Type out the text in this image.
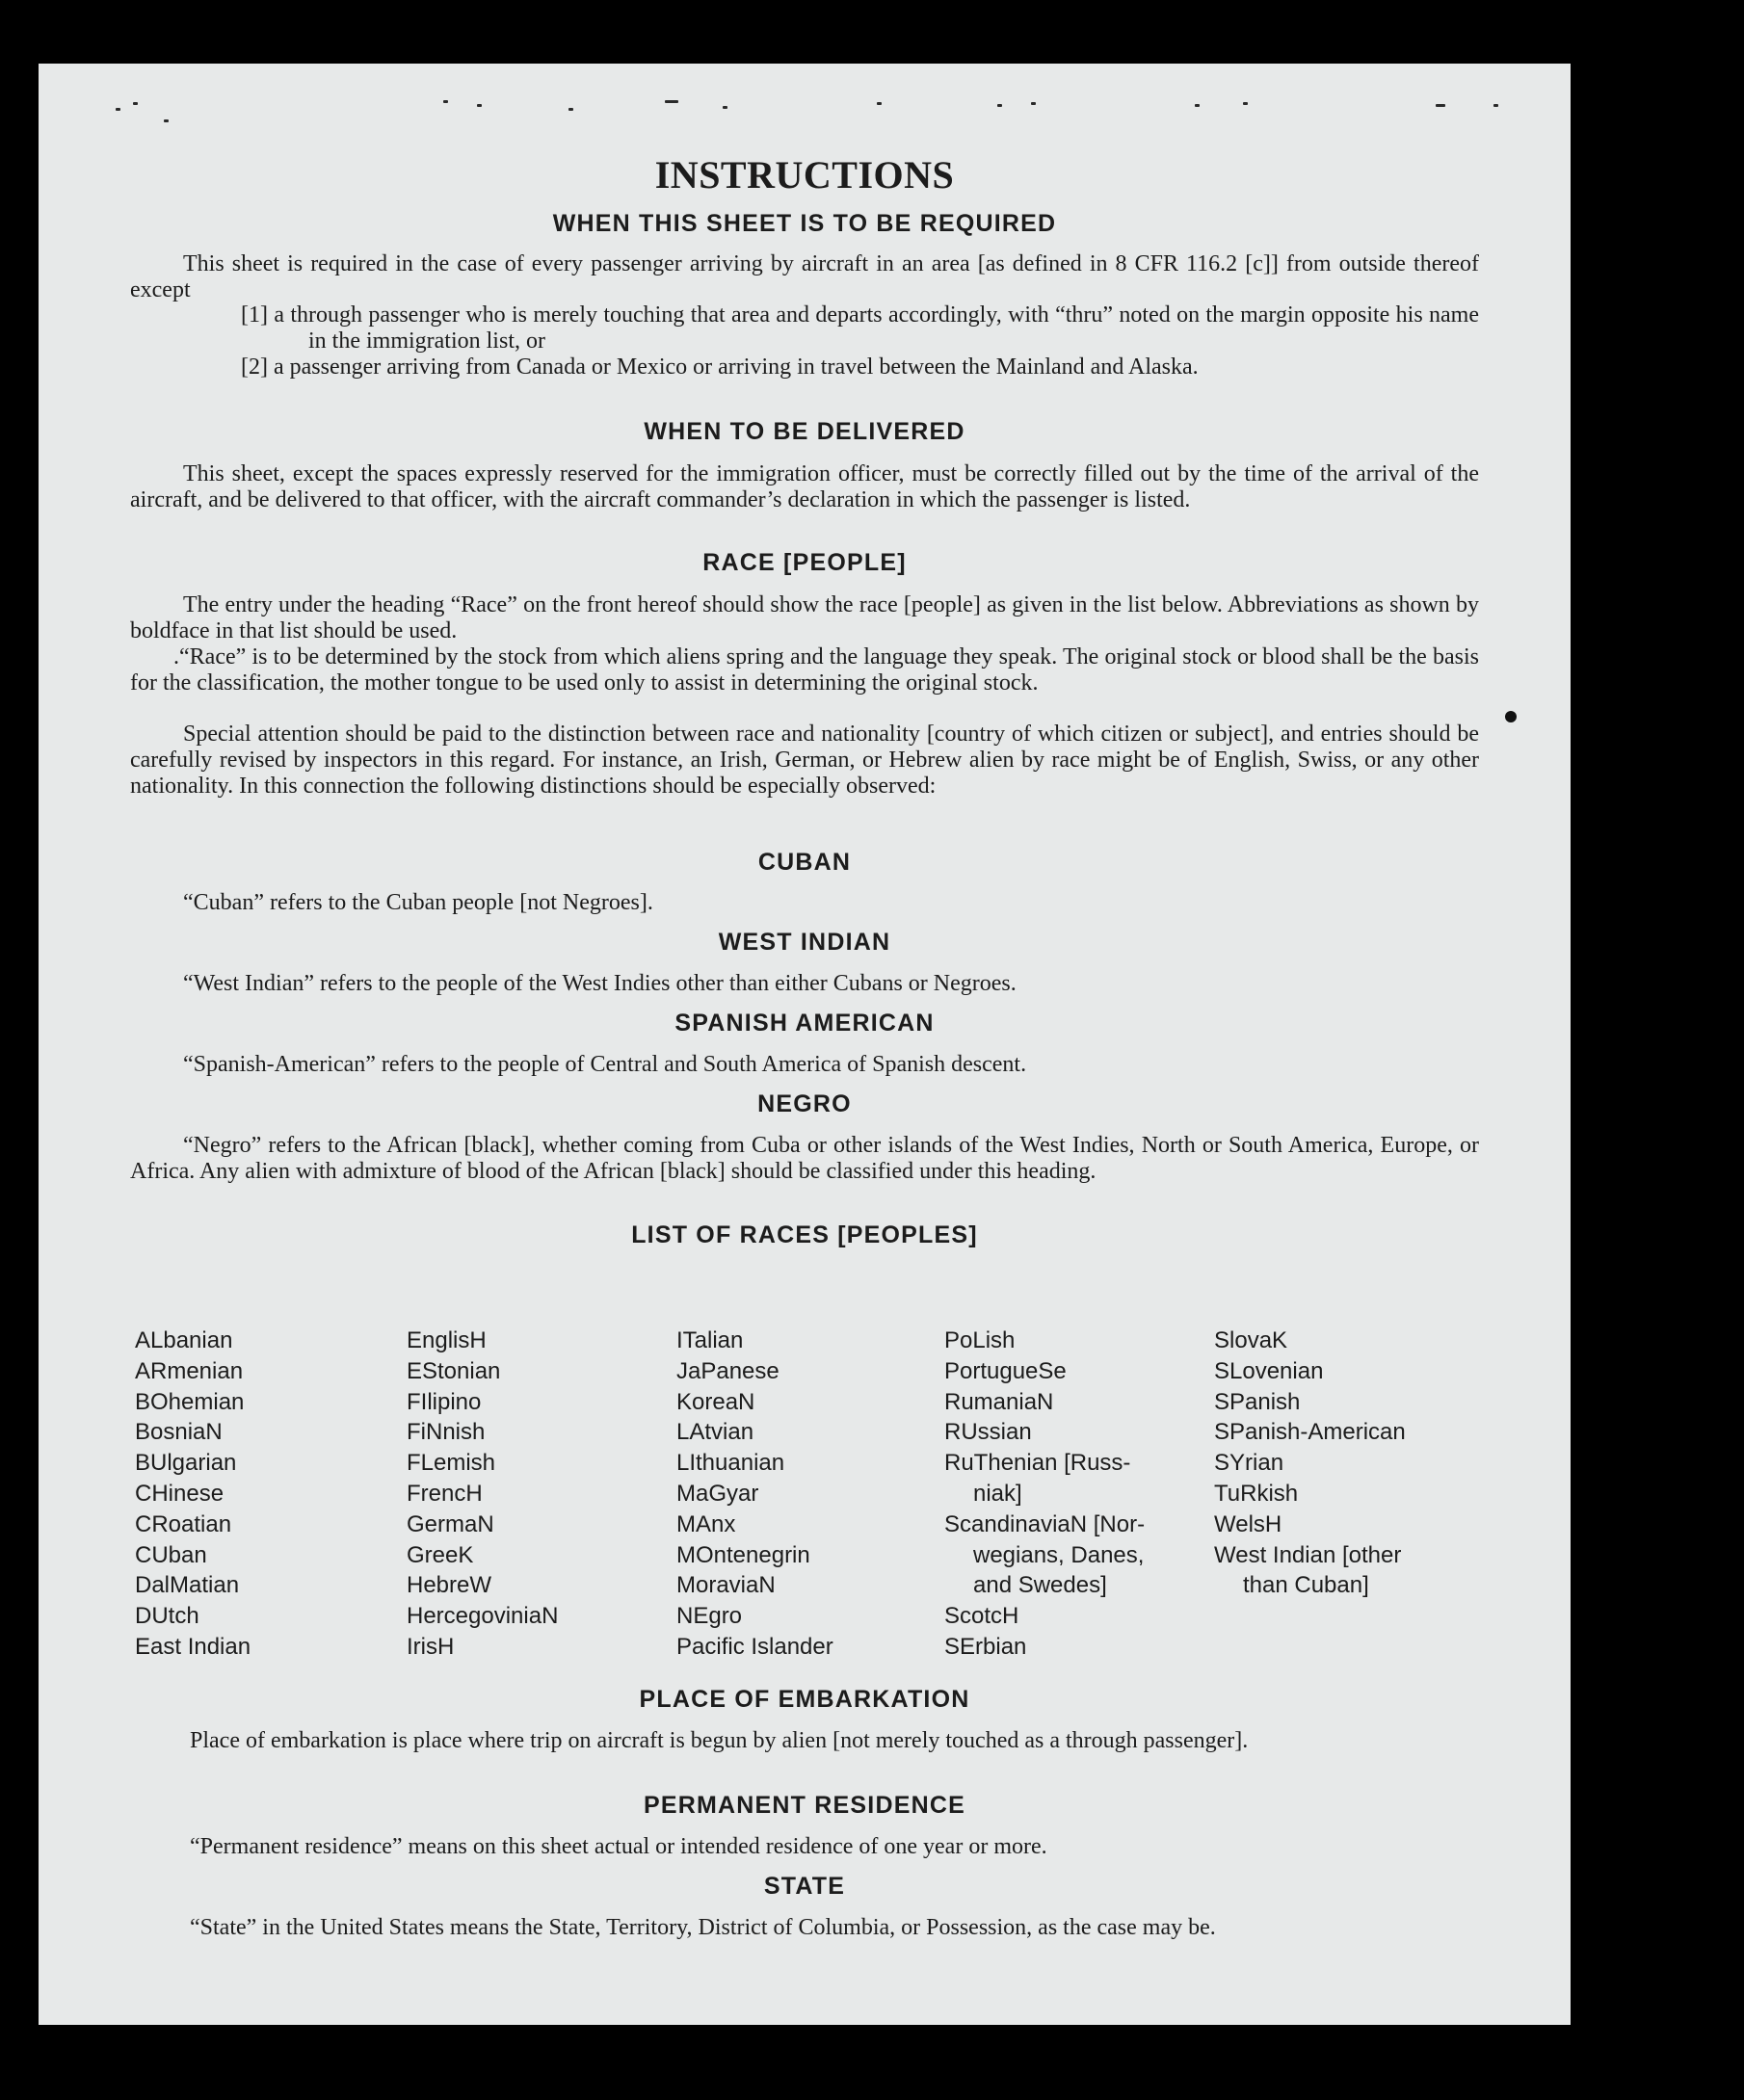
INSTRUCTIONS
WHEN THIS SHEET IS TO BE REQUIRED
This sheet is required in the case of every passenger arriving by aircraft in an area [as defined in 8 CFR 116.2 [c]] from outside thereof except
[1] a through passenger who is merely touching that area and departs accordingly, with “thru” noted on the margin opposite his name in the immigration list, or
[2] a passenger arriving from Canada or Mexico or arriving in travel between the Mainland and Alaska.
WHEN TO BE DELIVERED
This sheet, except the spaces expressly reserved for the immigration officer, must be correctly filled out by the time of the arrival of the aircraft, and be delivered to that officer, with the aircraft commander’s declaration in which the passenger is listed.
RACE [PEOPLE]
The entry under the heading “Race” on the front hereof should show the race [people] as given in the list below. Abbreviations as shown by boldface in that list should be used.
.“Race” is to be determined by the stock from which aliens spring and the language they speak. The original stock or blood shall be the basis for the classification, the mother tongue to be used only to assist in determining the original stock.
Special attention should be paid to the distinction between race and nationality [country of which citizen or subject], and entries should be carefully revised by inspectors in this regard. For instance, an Irish, German, or Hebrew alien by race might be of English, Swiss, or any other nationality. In this connection the following distinctions should be especially observed:
CUBAN
“Cuban” refers to the Cuban people [not Negroes].
WEST INDIAN
“West Indian” refers to the people of the West Indies other than either Cubans or Negroes.
SPANISH AMERICAN
“Spanish-American” refers to the people of Central and South America of Spanish descent.
NEGRO
“Negro” refers to the African [black], whether coming from Cuba or other islands of the West Indies, North or South America, Europe, or Africa. Any alien with admixture of blood of the African [black] should be classified under this heading.
LIST OF RACES [PEOPLES]
ALbanian
ARmenian
BOhemian
BosniaN
BUlgarian
CHinese
CRoatian
CUban
DalMatian
DUtch
East Indian
EnglisH
EStonian
FIlipino
FiNnish
FLemish
FrencH
GermaN
GreeK
HebreW
HercegoviniaN
IrisH
ITalian
JaPanese
KoreaN
LAtvian
LIthuanian
MaGyar
MAnx
MOntenegrin
MoraviaN
NEgro
Pacific Islander
PoLish
PortugueSe
RumaniaN
RUssian
RuThenian [Russ-
niak]
ScandinaviaN [Nor-
wegians, Danes,
and Swedes]
ScotcH
SErbian
SlovaK
SLovenian
SPanish
SPanish-American
SYrian
TuRkish
WelsH
West Indian [other
than Cuban]
PLACE OF EMBARKATION
Place of embarkation is place where trip on aircraft is begun by alien [not merely touched as a through passenger].
PERMANENT RESIDENCE
“Permanent residence” means on this sheet actual or intended residence of one year or more.
STATE
“State” in the United States means the State, Territory, District of Columbia, or Possession, as the case may be.
